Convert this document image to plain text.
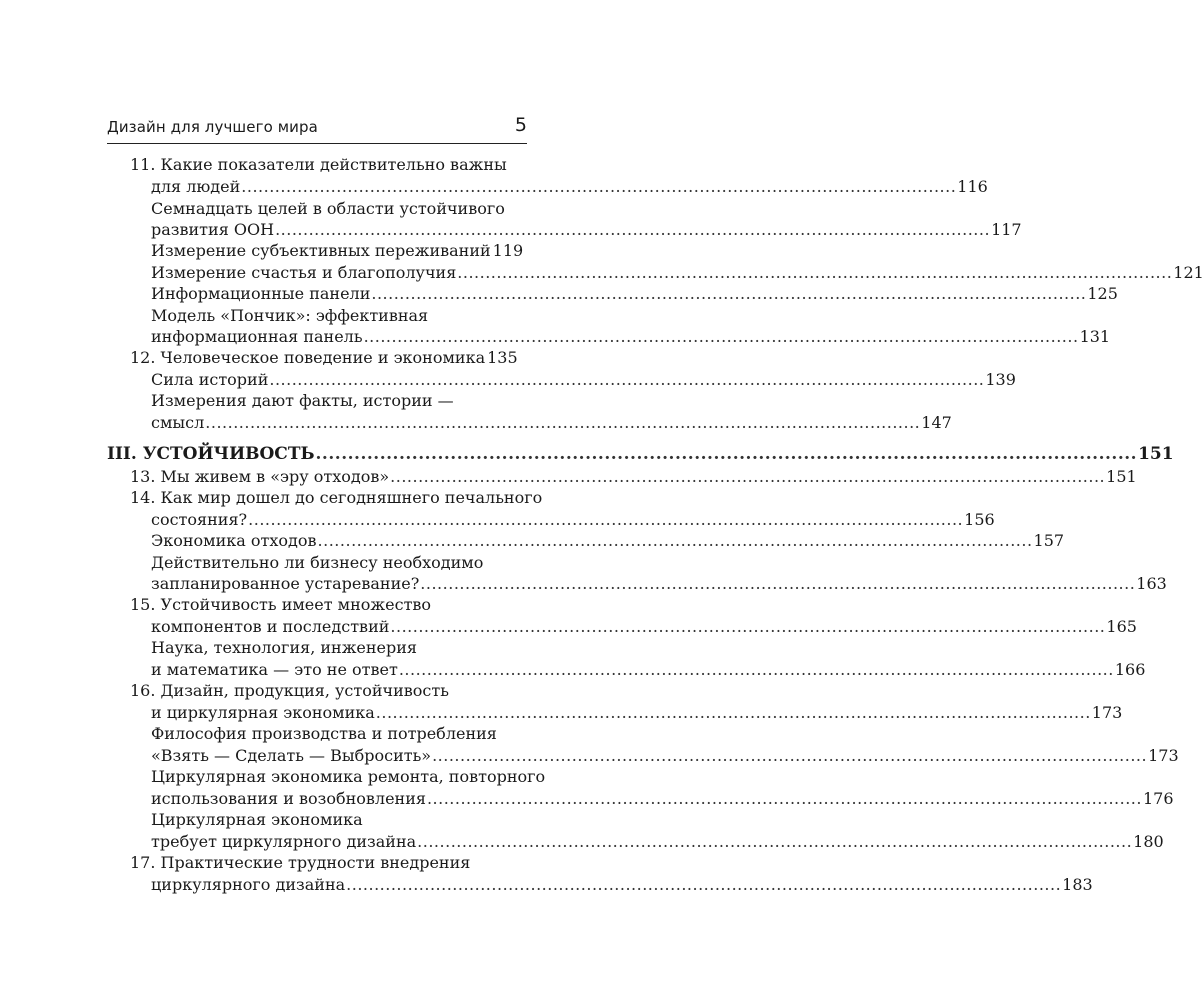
Дизайн для лучшего мира	5
11. Какие показатели действительно важны
для людей ................................................................................................................................ 116
Семнадцать целей в области устойчивого
развития ООН ................................................................................................................................ 117
Измерение субъективных переживаний 119
Измерение счастья и благополучия ................................................................................................................................ 121
Информационные панели ................................................................................................................................ 125
Модель «Пончик»: эффективная
информационная панель ................................................................................................................................ 131
12. Человеческое поведение и экономика 135
Сила историй ................................................................................................................................ 139
Измерения дают факты, истории —
смысл ................................................................................................................................ 147
III. УСТОЙЧИВОСТЬ ................................................................................................................................ 151
13. Мы живем в «эру отходов» ................................................................................................................................ 151
14. Как мир дошел до сегодняшнего печального
состояния? ................................................................................................................................ 156
Экономика отходов ................................................................................................................................ 157
Действительно ли бизнесу необходимо
запланированное устаревание? ................................................................................................................................ 163
15. Устойчивость имеет множество
компонентов и последствий ................................................................................................................................ 165
Наука, технология, инженерия
и математика — это не ответ ................................................................................................................................ 166
16. Дизайн, продукция, устойчивость
и циркулярная экономика ................................................................................................................................ 173
Философия производства и потребления
«Взять — Сделать — Выбросить» ................................................................................................................................ 173
Циркулярная экономика ремонта, повторного
использования и возобновления ................................................................................................................................ 176
Циркулярная экономика
требует циркулярного дизайна ................................................................................................................................ 180
17. Практические трудности внедрения
циркулярного дизайна ................................................................................................................................ 183
